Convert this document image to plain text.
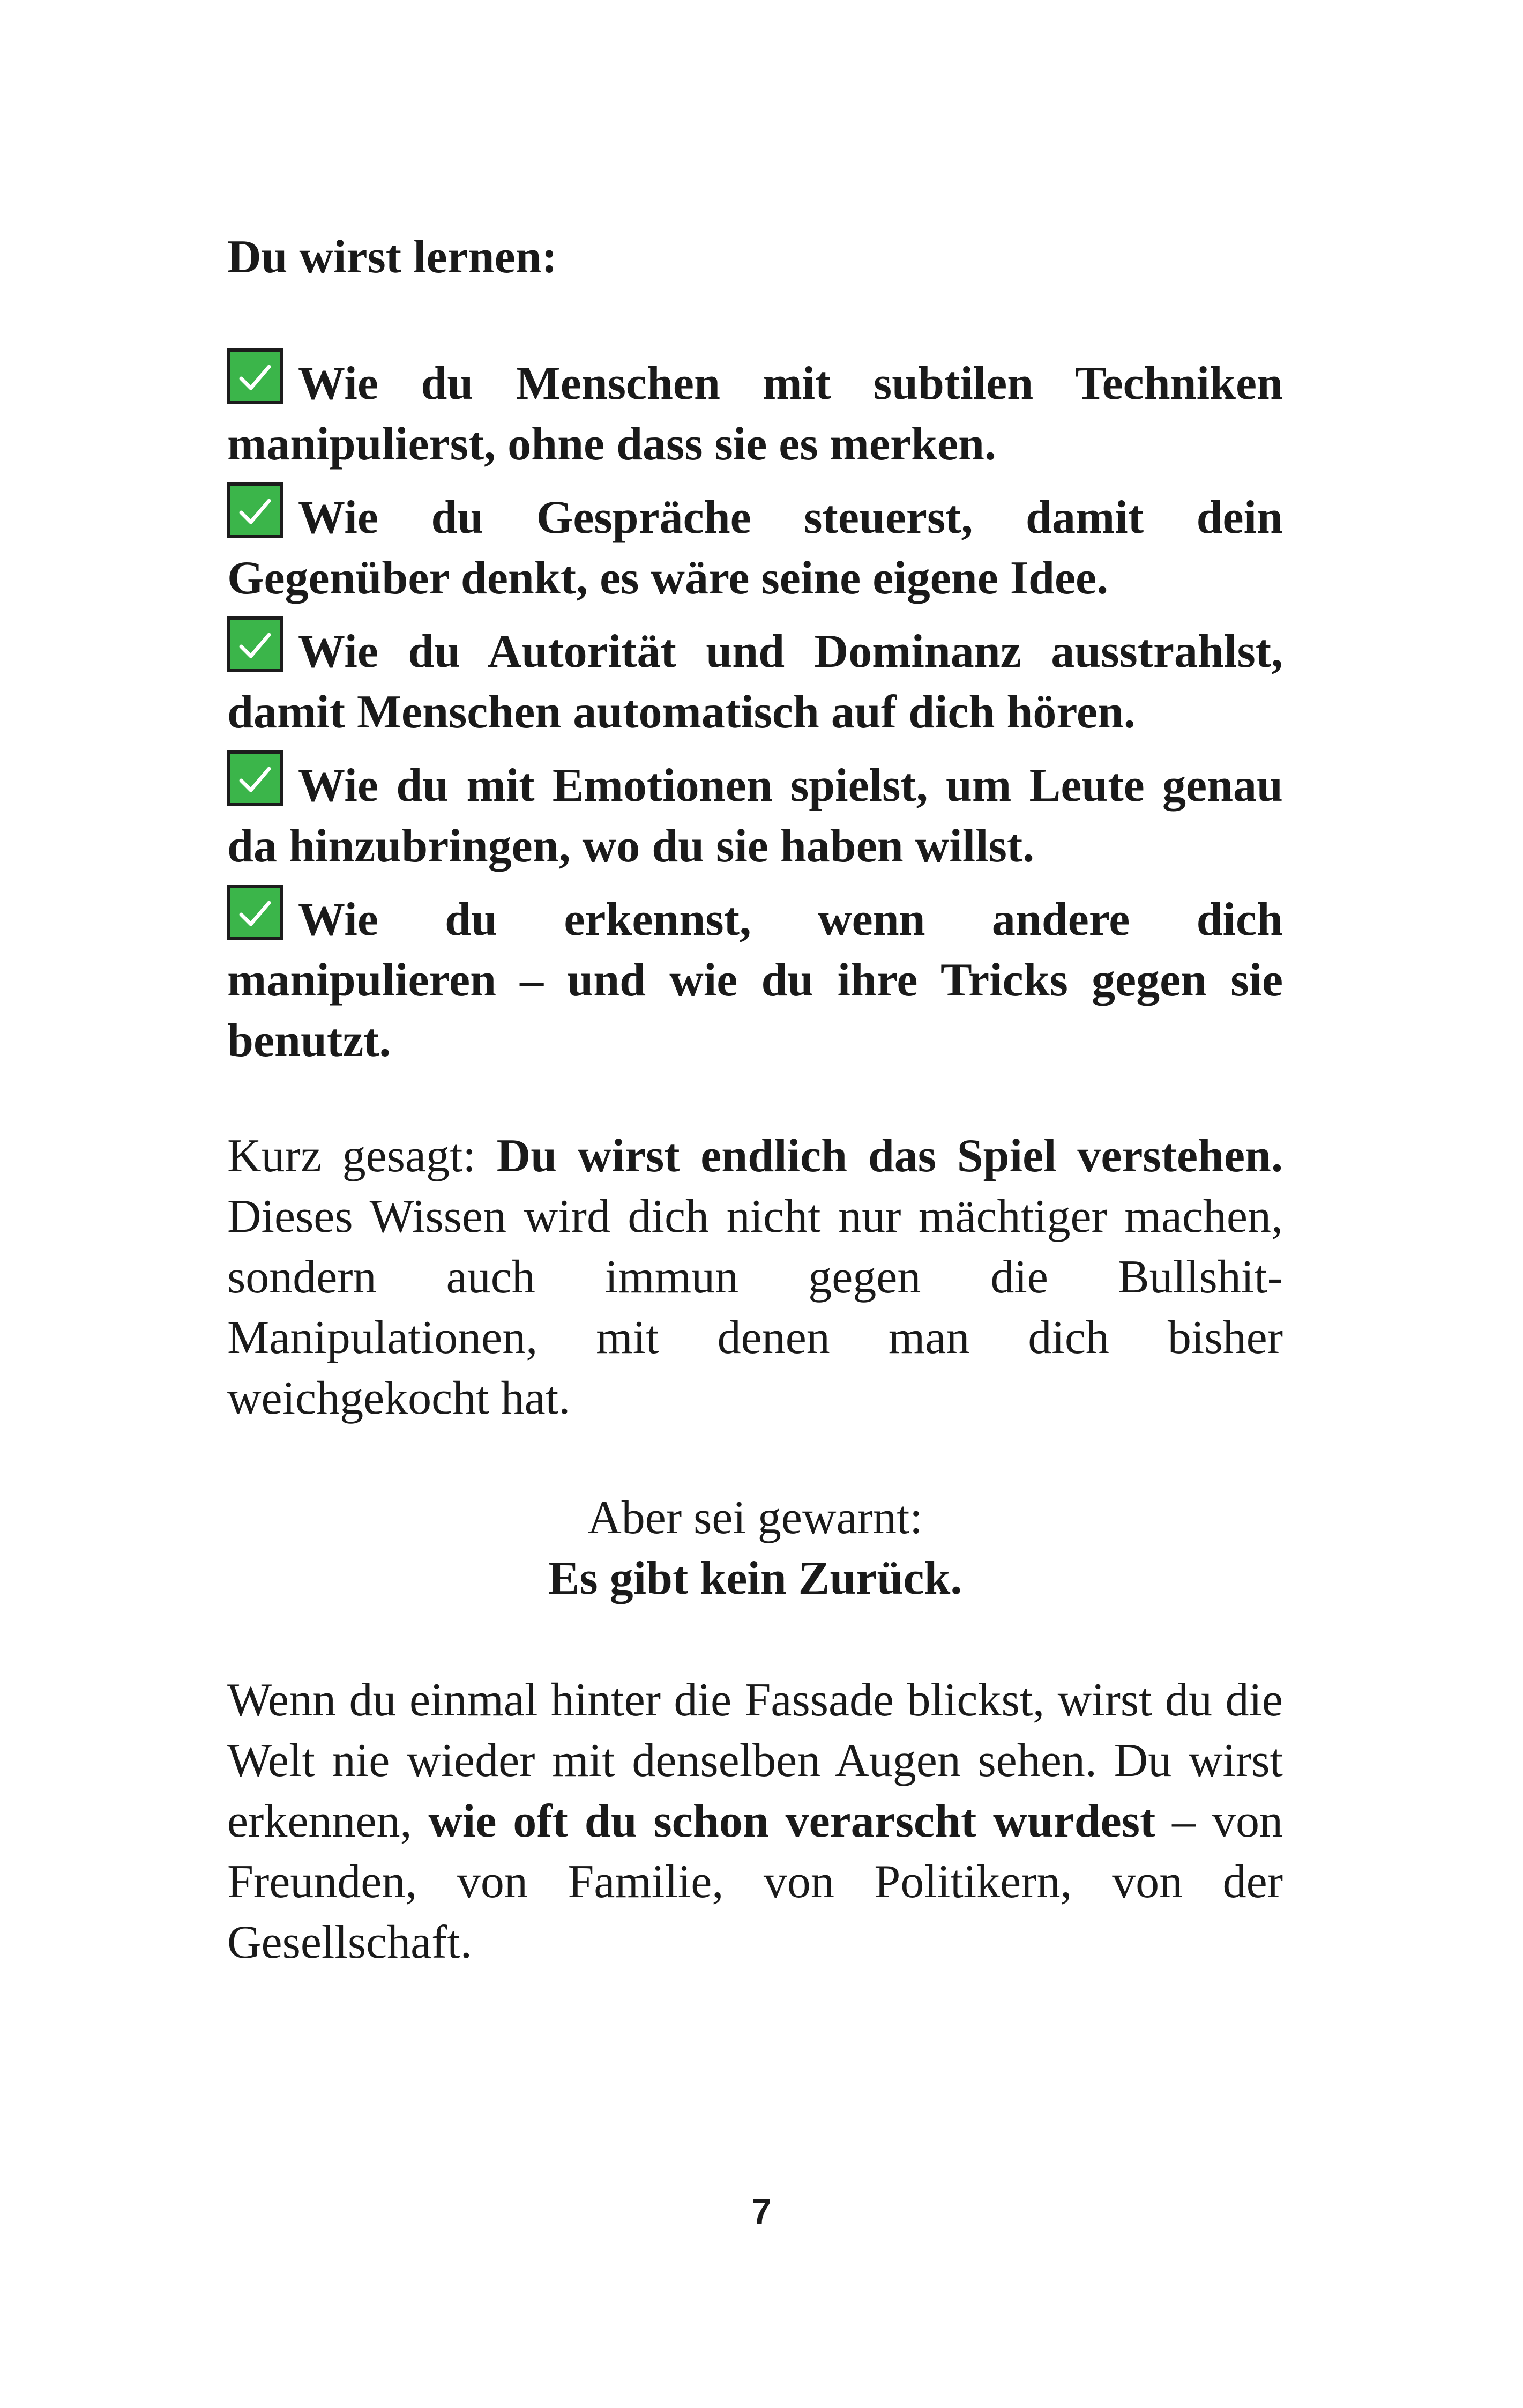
Du wirst lernen:

Wie du Menschen mit subtilen Techniken manipulierst, ohne dass sie es merken.
Wie du Gespräche steuerst, damit dein Gegenüber denkt, es wäre seine eigene Idee.
Wie du Autorität und Dominanz ausstrahlst, damit Menschen automatisch auf dich hören.
Wie du mit Emotionen spielst, um Leute genau da hinzubringen, wo du sie haben willst.
Wie du erkennst, wenn andere dich manipulieren – und wie du ihre Tricks gegen sie benutzt.

Kurz gesagt: Du wirst endlich das Spiel verstehen. Dieses Wissen wird dich nicht nur mächtiger machen, sondern auch immun gegen die Bullshit-Manipulationen, mit denen man dich bisher weichgekocht hat.

Aber sei gewarnt:

Es gibt kein Zurück.

Wenn du einmal hinter die Fassade blickst, wirst du die Welt nie wieder mit denselben Augen sehen. Du wirst erkennen, wie oft du schon verarscht wurdest – von Freunden, von Familie, von Politikern, von der Gesellschaft.

7
